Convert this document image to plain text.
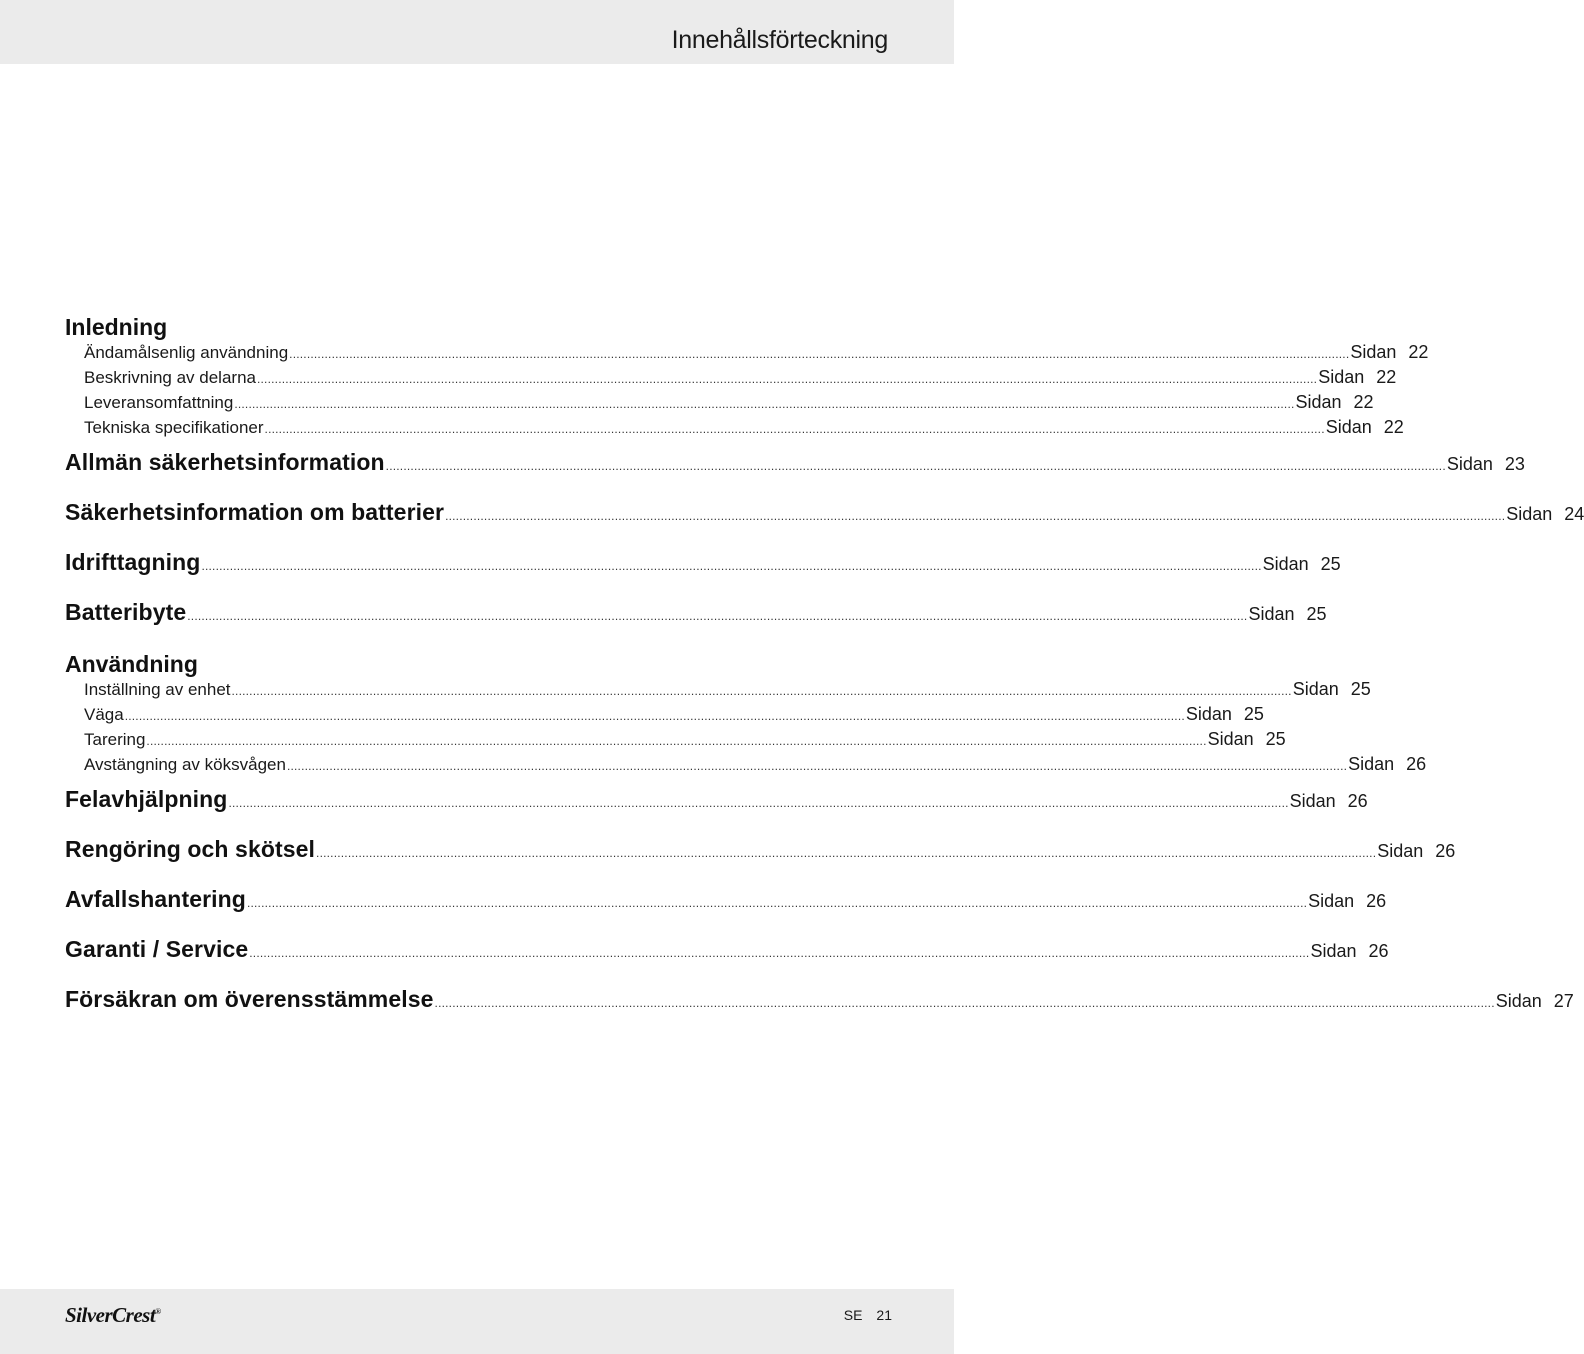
Innehållsförteckning
Inledning
Ändamålsenlig användning ............................................................................................................................................................................................................................................................................................................ Sidan 22
Beskrivning av delarna ............................................................................................................................................................................................................................................................................................................ Sidan 22
Leveransomfattning ............................................................................................................................................................................................................................................................................................................ Sidan 22
Tekniska specifikationer ............................................................................................................................................................................................................................................................................................................ Sidan 22
Allmän säkerhetsinformation ............................................................................................................................................................................................................................................................................................................ Sidan 23
Säkerhetsinformation om batterier ............................................................................................................................................................................................................................................................................................................ Sidan 24
Idrifttagning ............................................................................................................................................................................................................................................................................................................ Sidan 25
Batteribyte ............................................................................................................................................................................................................................................................................................................ Sidan 25
Användning
Inställning av enhet ............................................................................................................................................................................................................................................................................................................ Sidan 25
Väga ............................................................................................................................................................................................................................................................................................................ Sidan 25
Tarering ............................................................................................................................................................................................................................................................................................................ Sidan 25
Avstängning av köksvågen ............................................................................................................................................................................................................................................................................................................ Sidan 26
Felavhjälpning ............................................................................................................................................................................................................................................................................................................ Sidan 26
Rengöring och skötsel ............................................................................................................................................................................................................................................................................................................ Sidan 26
Avfallshantering ............................................................................................................................................................................................................................................................................................................ Sidan 26
Garanti / Service ............................................................................................................................................................................................................................................................................................................ Sidan 26
Försäkran om överensstämmelse ............................................................................................................................................................................................................................................................................................................ Sidan 27
SilverCrest®	SE 21
